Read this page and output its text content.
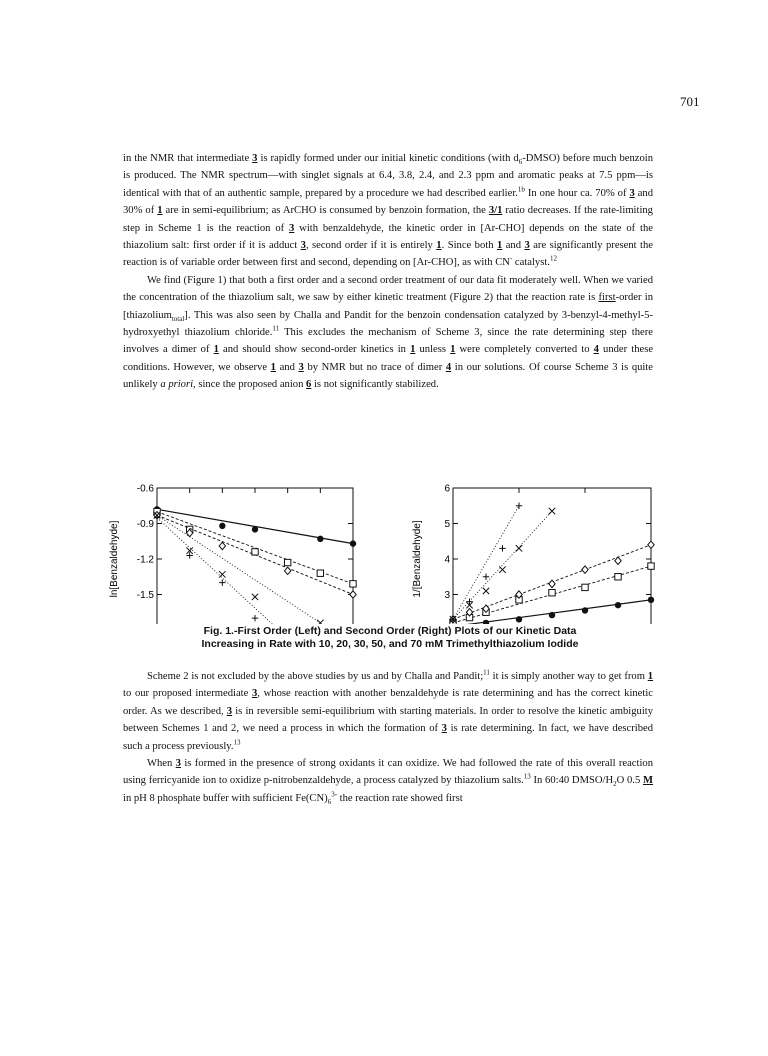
701

in the NMR that intermediate 3 is rapidly formed under our initial kinetic conditions (with $d_6-DMSO$) before much benzoin is produced. The NMR spectrum—with singlet signals at 6.4, 3.8, 2.4, and 2.3 ppm and aromatic peaks at 7.5 ppm—is identical with that of an authentic sample, prepared by a procedure we had described earlier.$^{1b}$ In one hour ca. 70% of 3 and 30% of 1 are in semi-equilibrium; as ArCHO is consumed by benzoin formation, the 3/1 ratio decreases. If the rate-limiting step in Scheme 1 is the reaction of 3 with benzaldehyde, the kinetic order in [Ar-CHO] depends on the state of the thiazolium salt: first order if it is adduct 3, second order if it is entirely 1. Since both 1 and 3 are significantly present the reaction is of variable order between first and second, depending on [Ar-CHO], as with CN- catalyst.$^{12}$

We find (Figure 1) that both a first order and a second order treatment of our data fit moderately well. When we varied the concentration of the thiazolium salt, we saw by either kinetic treatment (Figure 2) that the reaction rate is first-order in [thiazolium$_{total}$]. This was also seen by Challa and Pandit for the benzoin condensation catalyzed by 3-benzyl-4-methyl-5-hydroxyethyl thiazolium chloride.$^{11}$ This excludes the mechanism of Scheme 3, since the rate determining step there involves a dimer of 1 and should show second-order kinetics in 1 unless 1 were completely converted to 4 under these conditions. However, we observe 1 and 3 by NMR but no trace of dimer 4 in our solutions. Of course Scheme 3 is quite unlikely a priori, since the proposed anion 6 is not significantly stabilized.

-0.6
-0.9
-1.2
-1.5
ln[Benzaldehyde]
6
5
4
3
1/[Benzaldehyde]
Fig. 1.-First Order (Left) and Second Order (Right) Plots of our Kinetic Data
Increasing in Rate with 10, 20, 30, 50, and 70 mM Trimethylthiazolium Iodide

Scheme 2 is not excluded by the above studies by us and by Challa and Pandit;$^{11}$ it is simply another way to get from 1 to our proposed intermediate 3, whose reaction with another benzaldehyde is rate determining and has the correct kinetic order. As we described, 3 is in reversible semi-equilibrium with starting materials. In order to resolve the kinetic ambiguity between Schemes 1 and 2, we need a process in which the formation of 3 is rate determining. In fact, we have described such a process previously.$^{13}$

When 3 is formed in the presence of strong oxidants it can oxidize. We had followed the rate of this overall reaction using ferricyanide ion to oxidize p-nitrobenzaldehyde, a process catalyzed by thiazolium salts.$^{13}$ In 60:40 DMSO/$H_2O$ 0.5 M in pH 8 phosphate buffer with sufficient $Fe(CN)_6^{3-}$ the reaction rate showed first
